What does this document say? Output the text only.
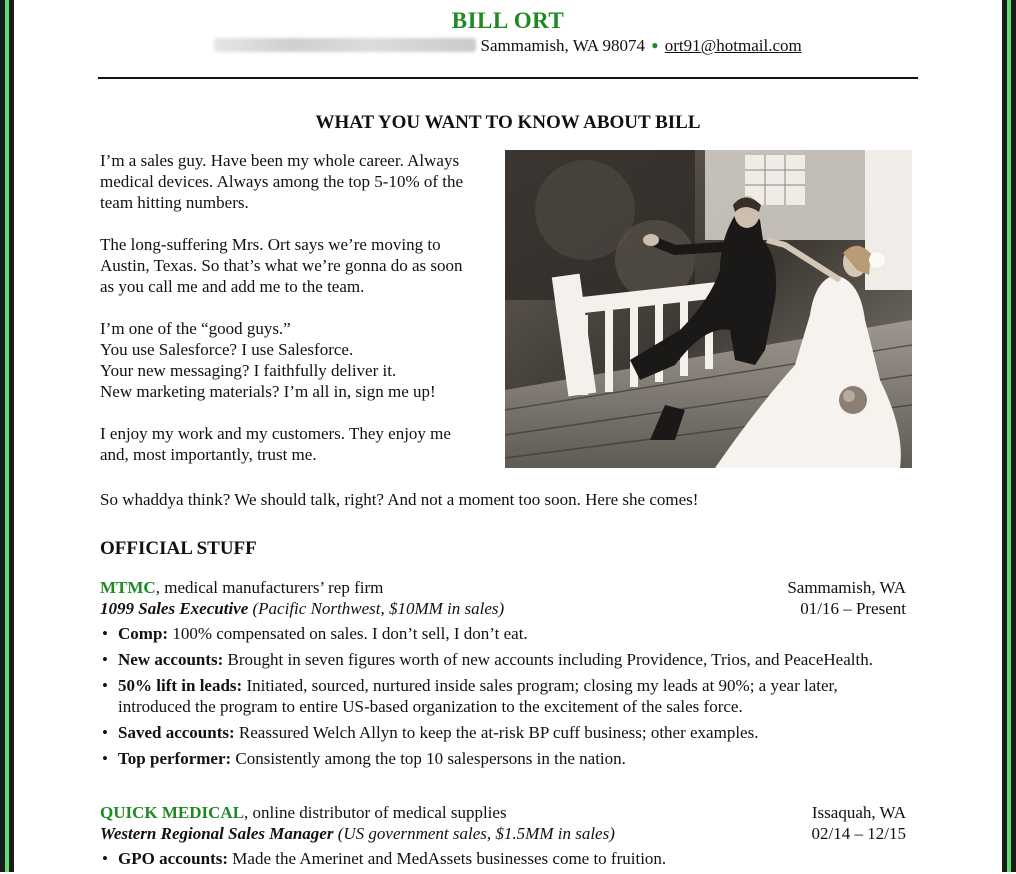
BILL ORT
Sammamish, WA 98074 ● ort91@hotmail.com
WHAT YOU WANT TO KNOW ABOUT BILL

I’m a sales guy. Have been my whole career. Always medical devices. Always among the top 5-10% of the team hitting numbers.

The long-suffering Mrs. Ort says we’re moving to Austin, Texas. So that’s what we’re gonna do as soon as you call me and add me to the team.

I’m one of the “good guys.”
You use Salesforce? I use Salesforce.
Your new messaging? I faithfully deliver it.
New marketing materials? I’m all in, sign me up!

I enjoy my work and my customers. They enjoy me and, most importantly, trust me.

So whaddya think? We should talk, right? And not a moment too soon. Here she comes!
OFFICIAL STUFF
MTMC, medical manufacturers’ rep firm	Sammamish, WA
1099 Sales Executive (Pacific Northwest, $10MM in sales)	01/16 – Present
• Comp: 100% compensated on sales. I don’t sell, I don’t eat.
• New accounts: Brought in seven figures worth of new accounts including Providence, Trios, and PeaceHealth.
• 50% lift in leads: Initiated, sourced, nurtured inside sales program; closing my leads at 90%; a year later, introduced the program to entire US-based organization to the excitement of the sales force.
• Saved accounts: Reassured Welch Allyn to keep the at-risk BP cuff business; other examples.
• Top performer: Consistently among the top 10 salespersons in the nation.
QUICK MEDICAL, online distributor of medical supplies	Issaquah, WA
Western Regional Sales Manager (US government sales, $1.5MM in sales)	02/14 – 12/15
• GPO accounts: Made the Amerinet and MedAssets businesses come to fruition.
